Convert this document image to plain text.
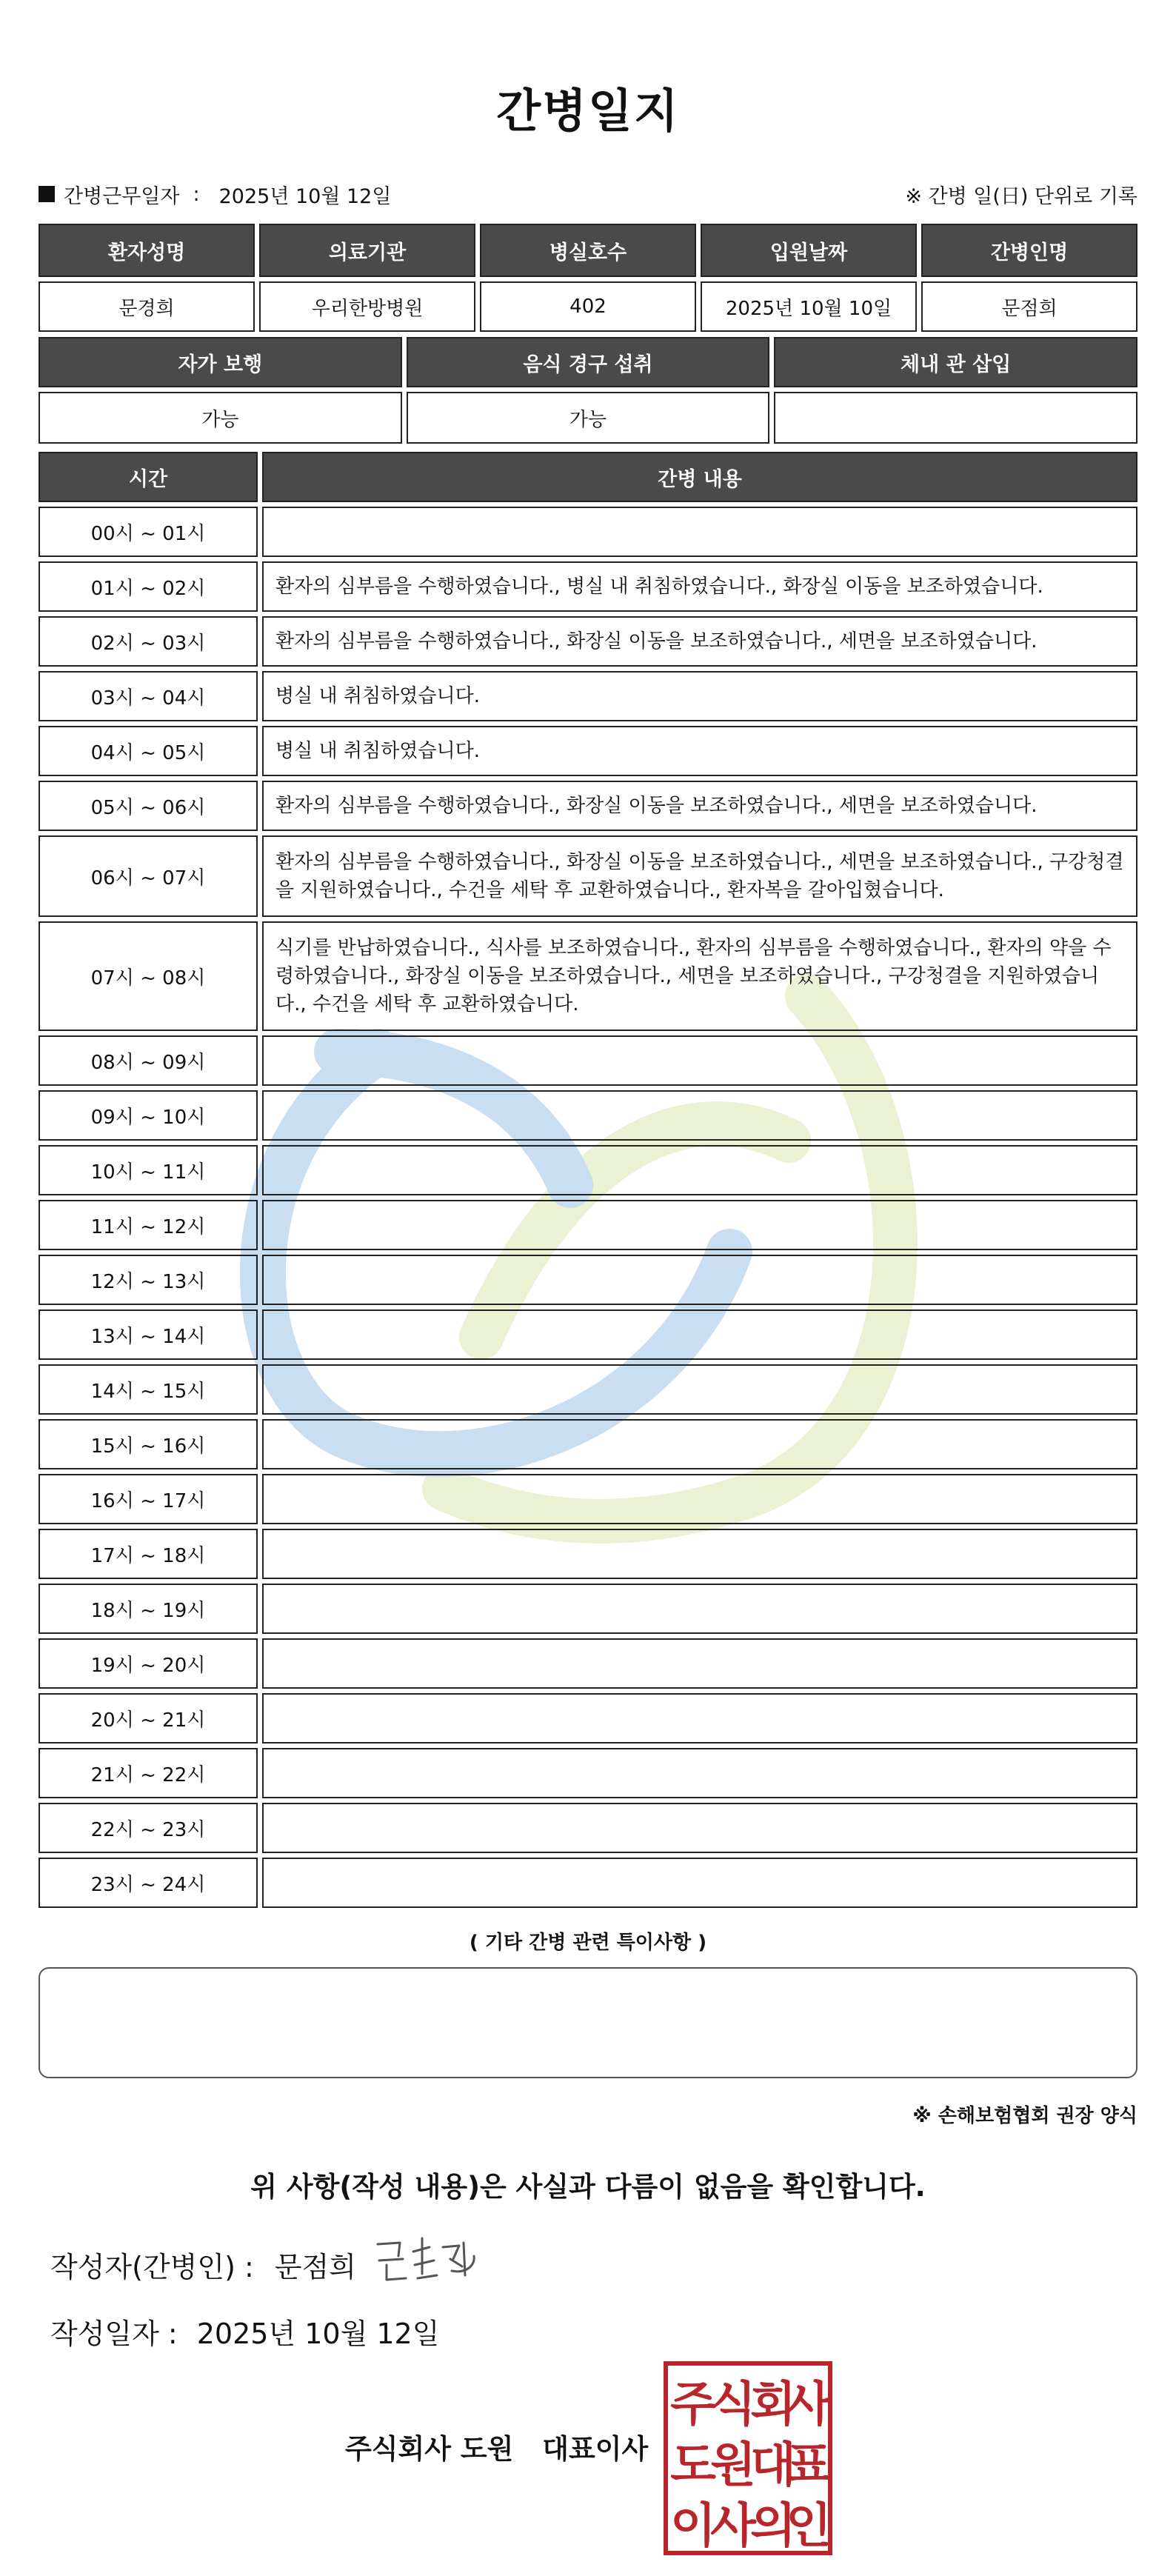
간병일지
간병근무일자 : 2025년 10월 12일	※ 간병 일(日) 단위로 기록
환자성명	의료기관	병실호수	입원날짜	간병인명
문경희	우리한방병원	402	2025년 10월 10일	문점희
자가 보행	음식 경구 섭취	체내 관 삽입
가능	가능	
시간	간병 내용
00시 ~ 01시	
01시 ~ 02시	환자의 심부름을 수행하였습니다., 병실 내 취침하였습니다., 화장실 이동을 보조하였습니다.
02시 ~ 03시	환자의 심부름을 수행하였습니다., 화장실 이동을 보조하였습니다., 세면을 보조하였습니다.
03시 ~ 04시	병실 내 취침하였습니다.
04시 ~ 05시	병실 내 취침하였습니다.
05시 ~ 06시	환자의 심부름을 수행하였습니다., 화장실 이동을 보조하였습니다., 세면을 보조하였습니다.
06시 ~ 07시	환자의 심부름을 수행하였습니다., 화장실 이동을 보조하였습니다., 세면을 보조하였습니다., 구강청결을 지원하였습니다., 수건을 세탁 후 교환하였습니다., 환자복을 갈아입혔습니다.
07시 ~ 08시	식기를 반납하였습니다., 식사를 보조하였습니다., 환자의 심부름을 수행하였습니다., 환자의 약을 수령하였습니다., 화장실 이동을 보조하였습니다., 세면을 보조하였습니다., 구강청결을 지원하였습니다., 수건을 세탁 후 교환하였습니다.
08시 ~ 09시	
09시 ~ 10시	
10시 ~ 11시	
11시 ~ 12시	
12시 ~ 13시	
13시 ~ 14시	
14시 ~ 15시	
15시 ~ 16시	
16시 ~ 17시	
17시 ~ 18시	
18시 ~ 19시	
19시 ~ 20시	
20시 ~ 21시	
21시 ~ 22시	
22시 ~ 23시	
23시 ~ 24시	
( 기타 간병 관련 특이사항 )
※ 손해보험협회 권장 양식
위 사항(작성 내용)은 사실과 다름이 없음을 확인합니다.
작성자(간병인) : 문점희
작성일자 : 2025년 10월 12일
주식회사 도원 대표이사
주
식
회
사
도
원
대
표
이
사
의
인
